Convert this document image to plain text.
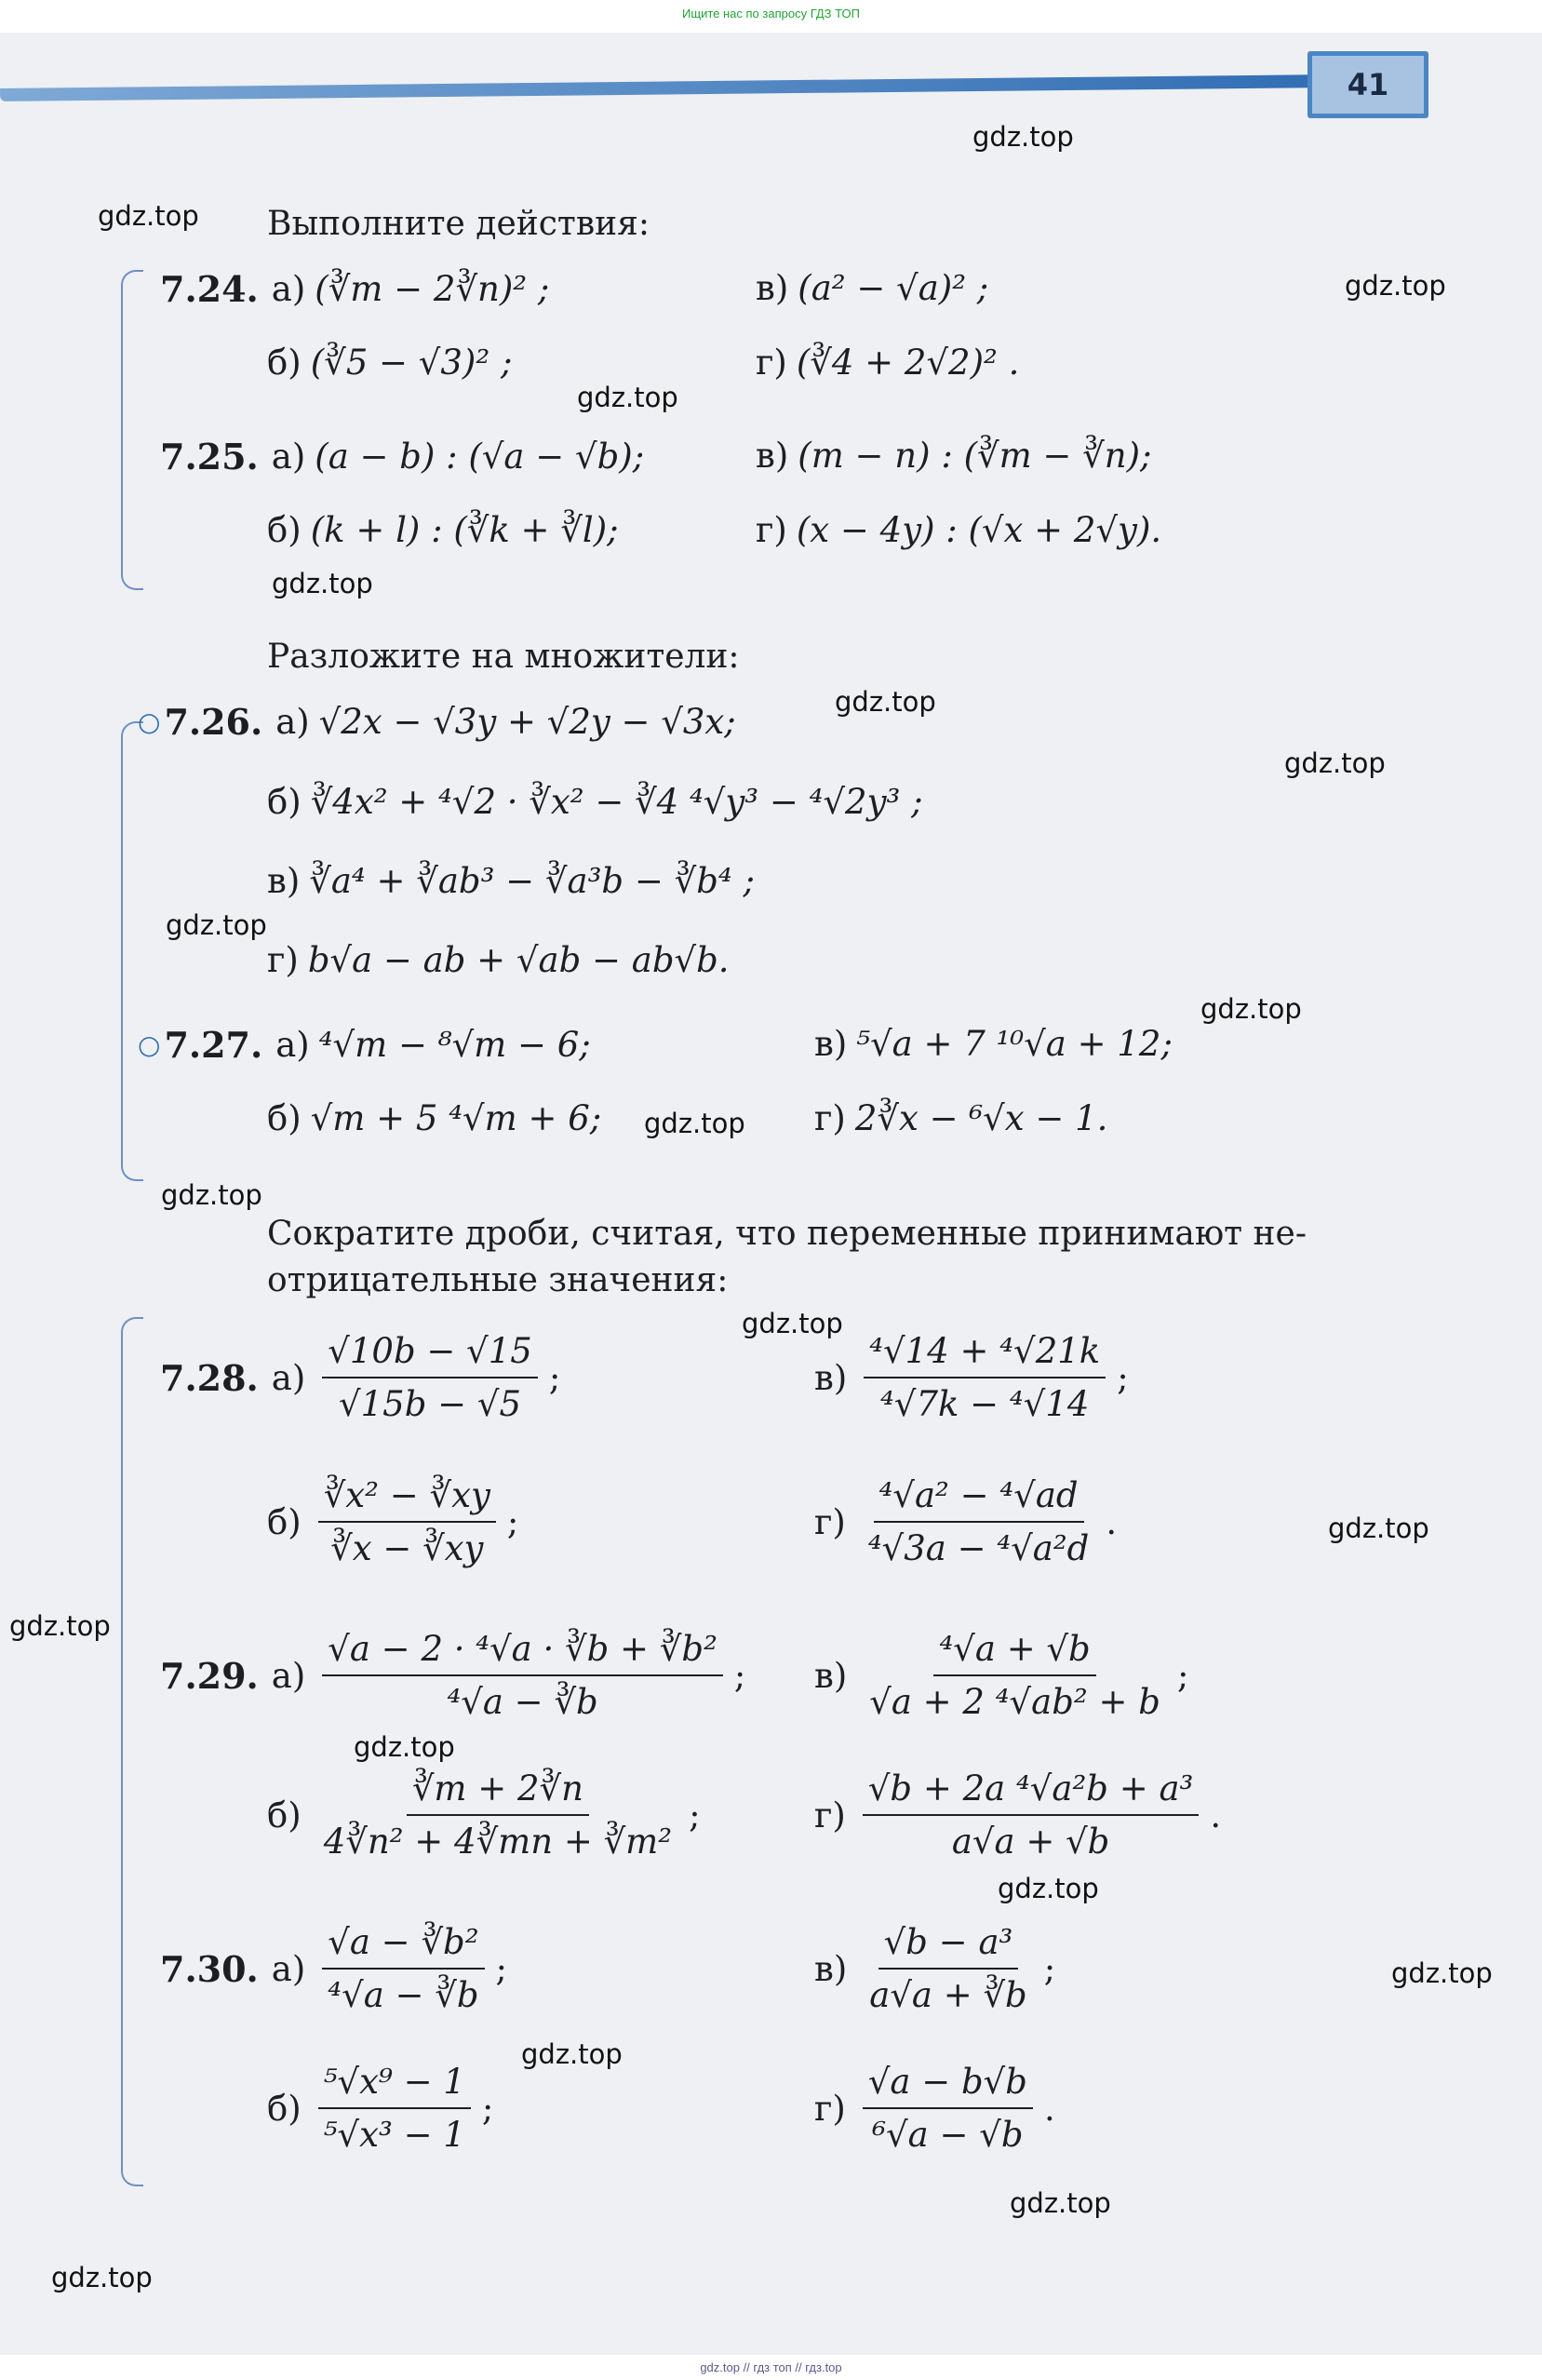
Ищите нас по запросу ГДЗ ТОП
41
Выполните действия:
7.24. а) (∛m − 2∛n)² ;	в) (a² − √a)² ;
б) (∛5 − √3)² ;	г) (∛4 + 2√2)² .
7.25. а) (a − b) : (√a − √b);	в) (m − n) : (∛m − ∛n);
б) (k + l) : (∛k + ∛l);	г) (x − 4y) : (√x + 2√y).
Разложите на множители:
○ 7.26. а) √2x − √3y + √2y − √3x;
б) ∛4x² + ⁴√2 · ∛x² − ∛4 ⁴√y³ − ⁴√2y³ ;
в) ∛a⁴ + ∛ab³ − ∛a³b − ∛b⁴ ;
г) b√a − ab + √ab − ab√b.
○ 7.27. а) ⁴√m − ⁸√m − 6;	в) ⁵√a + 7 ¹⁰√a + 12;
б) √m + 5 ⁴√m + 6;	г) 2∛x − ⁶√x − 1.
Сократите дроби, считая, что переменные принимают не-
отрицательные значения:
7.28. $а) \frac{√10b - √15}{√15b - √5}$ ;	$в) \frac{\text{⁴√14 + ⁴√21k}}{\text{⁴√7k − ⁴√14}}$ ;
$б) \frac{\text{∛x² − ∛xy}}{∛x - ∛xy}$ ;	$г) \frac{\text{⁴√a² − ⁴√ad}}{\text{⁴√3a − ⁴√a²d}}$ .
7.29. $а) \frac{\text{√a − 2 · ⁴√a · ∛b + ∛b²}}{\text{⁴√a − ∛b}}$ ; $в) \frac{\text{⁴√a + √b}}{\text{√a + 2 ⁴√ab² + b}}$ ;
$б) \frac{∛m + 2∛n}{\text{4∛n² + 4∛mn + ∛m²}}$ ;	$г) \frac{\text{√b + 2a ⁴√a²b + a³}}{a√a + √b}$ .
7.30. $а) \frac{\text{√a − ∛b²}}{\text{⁴√a − ∛b}}$ ;	$в) \frac{\text{√b − a³}}{a√a + ∛b}$ ;
$б) \frac{\text{⁵√x⁹ − 1}}{\text{⁵√x³ − 1}}$ ;	$г) \frac{√a - b√b}{\text{⁶√a − √b}}$ .
gdz.top
gdz.top
gdz.top
gdz.top
gdz.top
gdz.top
gdz.top
gdz.top
gdz.top
gdz.top
gdz.top
gdz.top
gdz.top
gdz.top
gdz.top
gdz.top
gdz.top
gdz.top
gdz.top
gdz.top
gdz.top // гдз топ // гдз.top
